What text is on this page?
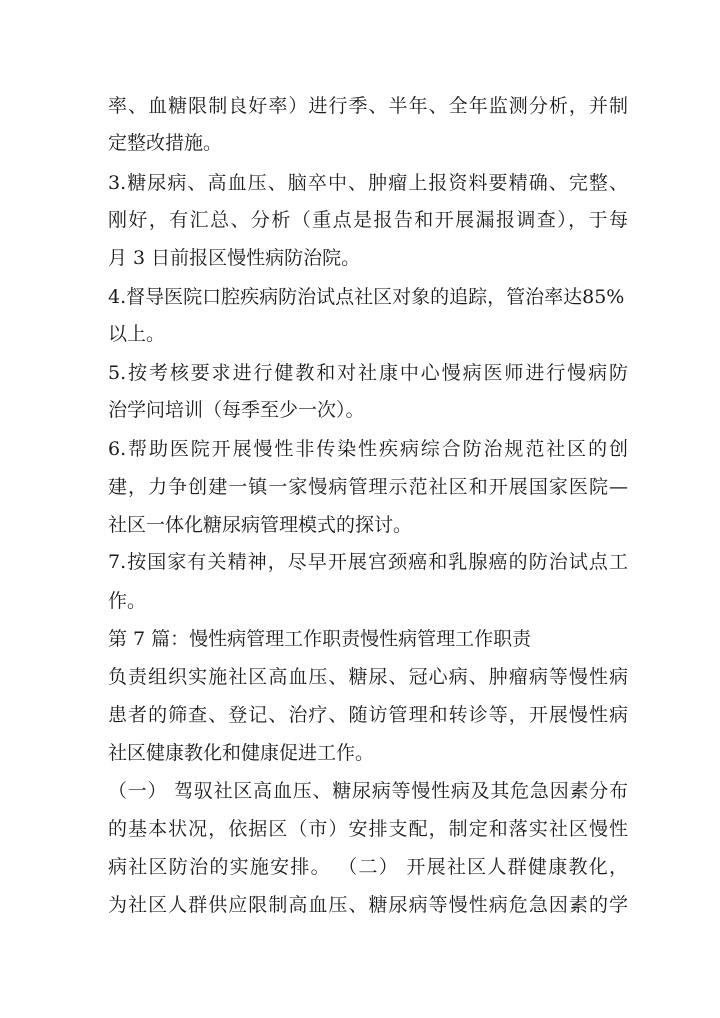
率、血糖限制良好率）进行季、半年、全年监测分析，并制
定整改措施。
3.糖尿病、高血压、脑卒中、肿瘤上报资料要精确、完整、
刚好，有汇总、分析（重点是报告和开展漏报调查），于每
月 3 日前报区慢性病防治院。
4.督导医院口腔疾病防治试点社区对象的追踪，管治率达85%
以上。
5.按考核要求进行健教和对社康中心慢病医师进行慢病防
治学问培训（每季至少一次）。
6.帮助医院开展慢性非传染性疾病综合防治规范社区的创
建，力争创建一镇一家慢病管理示范社区和开展国家医院—
社区一体化糖尿病管理模式的探讨。
7.按国家有关精神，尽早开展宫颈癌和乳腺癌的防治试点工
作。
第 7 篇：慢性病管理工作职责慢性病管理工作职责
负责组织实施社区高血压、糖尿、冠心病、肿瘤病等慢性病
患者的筛查、登记、治疗、随访管理和转诊等，开展慢性病
社区健康教化和健康促进工作。
（一） 驾驭社区高血压、糖尿病等慢性病及其危急因素分布
的基本状况，依据区（市）安排支配，制定和落实社区慢性
病社区防治的实施安排。 （二） 开展社区人群健康教化，
为社区人群供应限制高血压、糖尿病等慢性病危急因素的学
